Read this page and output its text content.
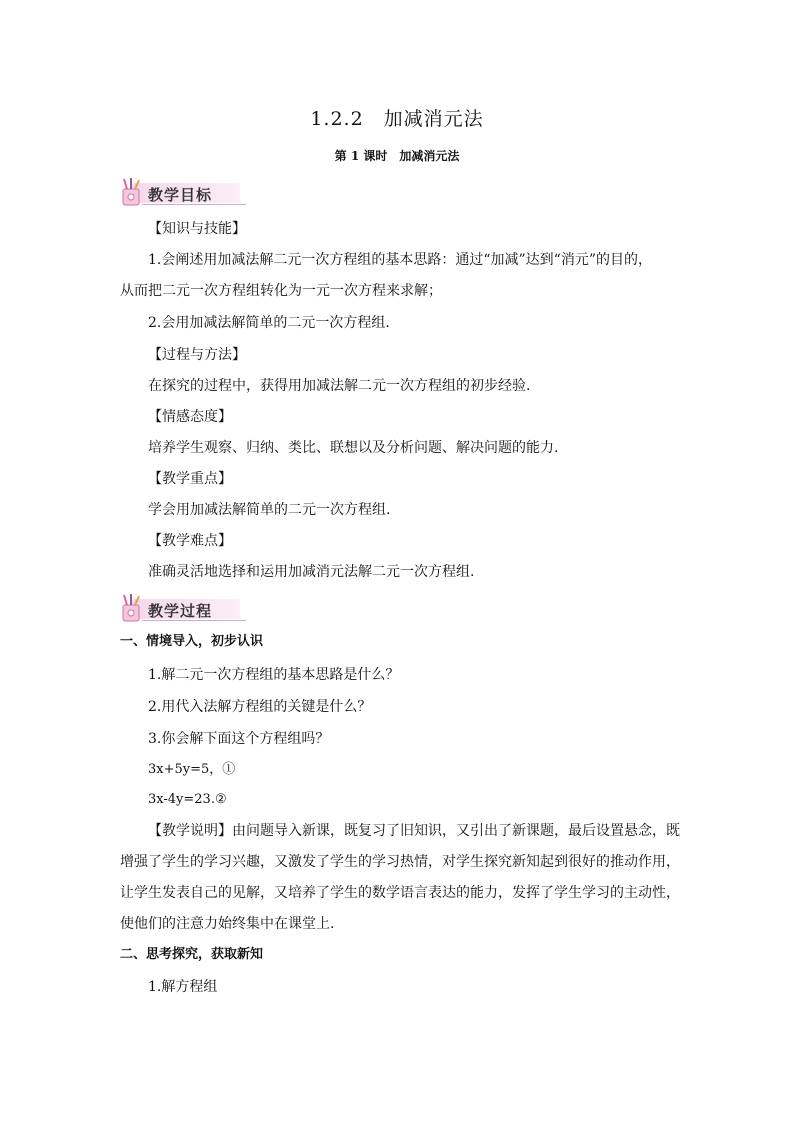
1.2.2　加减消元法
第 1 课时　加减消元法
教学目标
【知识与技能】
1.会阐述用加减法解二元一次方程组的基本思路：通过“加减”达到“消元”的目的，
从而把二元一次方程组转化为一元一次方程来求解；
2.会用加减法解简单的二元一次方程组.
【过程与方法】
在探究的过程中，获得用加减法解二元一次方程组的初步经验.
【情感态度】
培养学生观察、归纳、类比、联想以及分析问题、解决问题的能力.
【教学重点】
学会用加减法解简单的二元一次方程组.
【教学难点】
准确灵活地选择和运用加减消元法解二元一次方程组.
教学过程
一、情境导入，初步认识
1.解二元一次方程组的基本思路是什么？
2.用代入法解方程组的关键是什么？
3.你会解下面这个方程组吗？
3x+5y=5，①
3x-4y=23.②
【教学说明】由问题导入新课，既复习了旧知识，又引出了新课题，最后设置悬念，既
增强了学生的学习兴趣，又激发了学生的学习热情，对学生探究新知起到很好的推动作用，
让学生发表自己的见解，又培养了学生的数学语言表达的能力，发挥了学生学习的主动性，
使他们的注意力始终集中在课堂上.
二、思考探究，获取新知
1.解方程组
